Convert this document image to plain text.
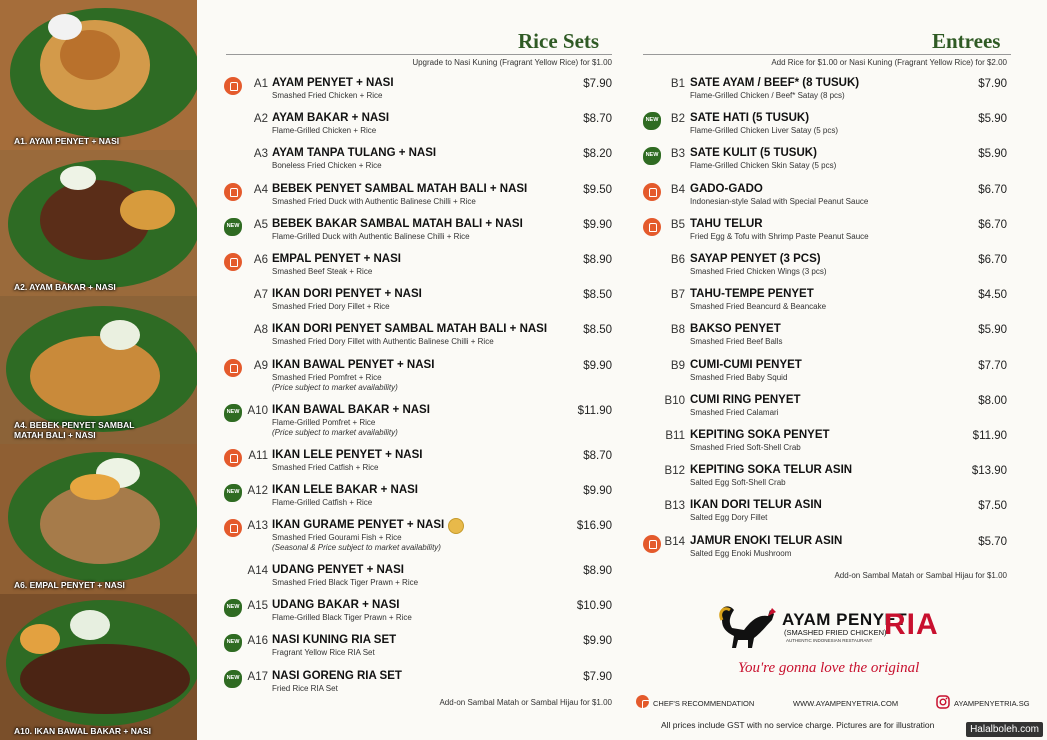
A1. AYAM PENYET + NASI
A2. AYAM BAKAR + NASI
A4. BEBEK PENYET SAMBAL
MATAH BALI + NASI
A6. EMPAL PENYET + NASI
A10. IKAN BAWAL BAKAR + NASI
Rice Sets
Upgrade to Nasi Kuning (Fragrant Yellow Rice) for $1.00
A1 AYAM PENYET + NASI
Smashed Fried Chicken + Rice
$7.90
A2 AYAM BAKAR + NASI
Flame-Grilled Chicken + Rice
$8.70
A3 AYAM TANPA TULANG + NASI
Boneless Fried Chicken + Rice
$8.20
A4 BEBEK PENYET SAMBAL MATAH BALI + NASI
Smashed Fried Duck with Authentic Balinese Chilli + Rice
$9.50
NEW
A5 BEBEK BAKAR SAMBAL MATAH BALI + NASI
Flame-Grilled Duck with Authentic Balinese Chilli + Rice
$9.90
A6 EMPAL PENYET + NASI
Smashed Beef Steak + Rice
$8.90
A7 IKAN DORI PENYET + NASI
Smashed Fried Dory Fillet + Rice
$8.50
A8 IKAN DORI PENYET SAMBAL MATAH BALI + NASI
Smashed Fried Dory Fillet with Authentic Balinese Chilli + Rice
$8.50
A9 IKAN BAWAL PENYET + NASI
Smashed Fried Pomfret + Rice
(Price subject to market availability)
$9.90
NEW
A10 IKAN BAWAL BAKAR + NASI
Flame-Grilled Pomfret + Rice
(Price subject to market availability)
$11.90
A11 IKAN LELE PENYET + NASI
Smashed Fried Catfish + Rice
$8.70
NEW
A12 IKAN LELE BAKAR + NASI
Flame-Grilled Catfish + Rice
$9.90
A13 IKAN GURAME PENYET + NASI
Smashed Fried Gourami Fish + Rice
(Seasonal & Price subject to market availability)
$16.90
A14 UDANG PENYET + NASI
Smashed Fried Black Tiger Prawn + Rice
$8.90
NEW
A15 UDANG BAKAR + NASI
Flame-Grilled Black Tiger Prawn + Rice
$10.90
NEW
A16 NASI KUNING RIA SET
Fragrant Yellow Rice RIA Set
$9.90
NEW
A17 NASI GORENG RIA SET
Fried Rice RIA Set
$7.90
Add-on Sambal Matah or Sambal Hijau for $1.00
Entrees
Add Rice for $1.00 or Nasi Kuning (Fragrant Yellow Rice) for $2.00
B1 SATE AYAM / BEEF* (8 TUSUK)
Flame-Grilled Chicken / Beef* Satay (8 pcs)
$7.90
NEW
B2 SATE HATI (5 TUSUK)
Flame-Grilled Chicken Liver Satay (5 pcs)
$5.90
NEW
B3 SATE KULIT (5 TUSUK)
Flame-Grilled Chicken Skin Satay (5 pcs)
$5.90
B4 GADO-GADO
Indonesian-style Salad with Special Peanut Sauce
$6.70
B5 TAHU TELUR
Fried Egg & Tofu with Shrimp Paste Peanut Sauce
$6.70
B6 SAYAP PENYET (3 PCS)
Smashed Fried Chicken Wings (3 pcs)
$6.70
B7 TAHU-TEMPE PENYET
Smashed Fried Beancurd & Beancake
$4.50
B8 BAKSO PENYET
Smashed Fried Beef Balls
$5.90
B9 CUMI-CUMI PENYET
Smashed Fried Baby Squid
$7.70
B10 CUMI RING PENYET
Smashed Fried Calamari
$8.00
B11 KEPITING SOKA PENYET
Smashed Fried Soft-Shell Crab
$11.90
B12 KEPITING SOKA TELUR ASIN
Salted Egg Soft-Shell Crab
$13.90
B13 IKAN DORI TELUR ASIN
Salted Egg Dory Fillet
$7.50
B14 JAMUR ENOKI TELUR ASIN
Salted Egg Enoki Mushroom
$5.70
Add-on Sambal Matah or Sambal Hijau for $1.00
AYAM PENYET
(SMASHED FRIED CHICKEN)
AUTHENTIC INDONESIAN RESTAURANT RIA
You're gonna love the original
CHEF'S RECOMMENDATION	WWW.AYAMPENYETRIA.COM	AYAMPENYETRIA.SG
All prices include GST with no service charge. Pictures are for illustration	Halalboleh.com
